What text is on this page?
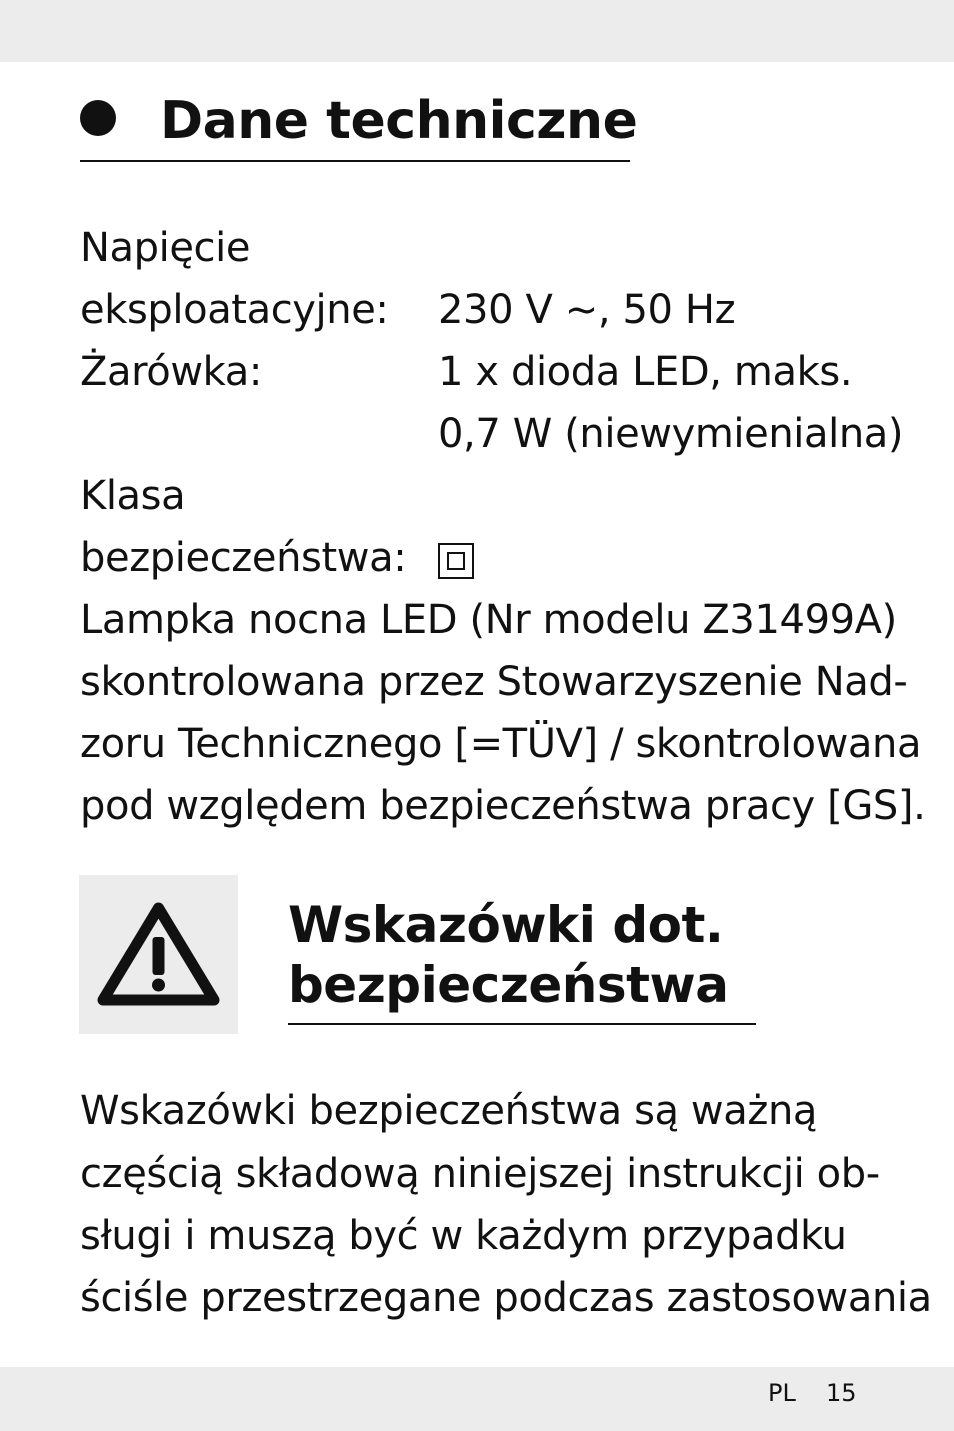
Dane techniczne
Napięcie
eksploatacyjne: 230 V ~, 50 Hz
Żarówka:	1 x dioda LED, maks.
0,7 W (niewymienialna)
Klasa
bezpieczeństwa:
Lampka nocna LED (Nr modelu Z31499A)
skontrolowana przez Stowarzyszenie Nad-
zoru Technicznego [=TÜV] / skontrolowana
pod względem bezpieczeństwa pracy [GS].
Wskazówki dot.
bezpieczeństwa
Wskazówki bezpieczeństwa są ważną
częścią składową niniejszej instrukcji ob-
sługi i muszą być w każdym przypadku
ściśle przestrzegane podczas zastosowania
PL 15
